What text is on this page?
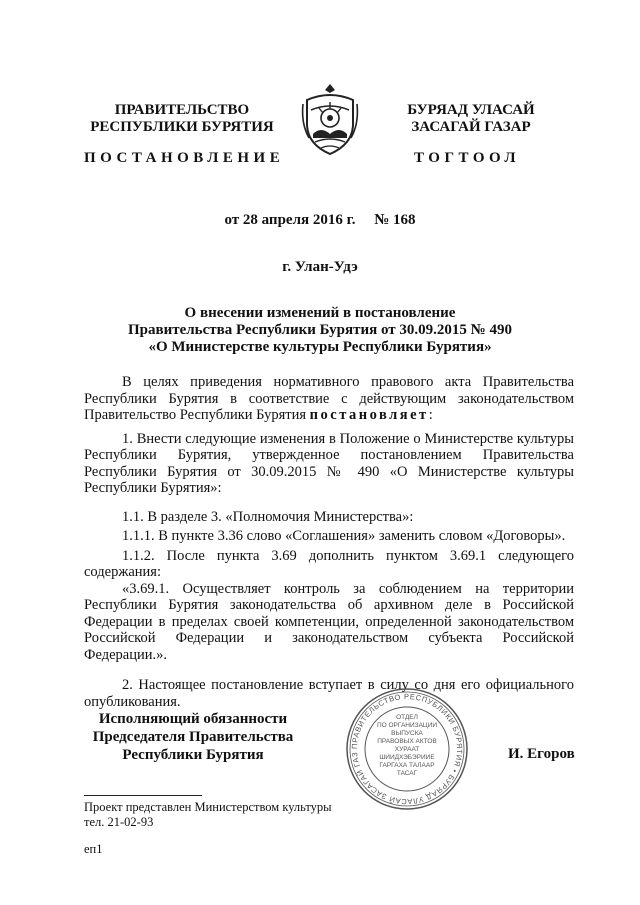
ПРАВИТЕЛЬСТВО
РЕСПУБЛИКИ БУРЯТИЯ
БУРЯАД УЛАСАЙ
ЗАСАГАЙ ГАЗАР
ПОСТАНОВЛЕНИЕ	ТОГТООЛ
от 28 апреля 2016 г.     № 168
г. Улан-Удэ
О внесении изменений в постановление
Правительства Республики Бурятия от 30.09.2015 № 490
«О Министерстве культуры Республики Бурятия»

В целях приведения нормативного правового акта Правительства Республики Бурятия в соответствие с действующим законодательством Правительство Республики Бурятия постановляет:

1. Внести следующие изменения в Положение о Министерстве культуры Республики Бурятия, утвержденное постановлением Правительства Республики Бурятия от 30.09.2015 № 490 «О Министерстве культуры Республики Бурятия»:

1.1. В разделе 3. «Полномочия Министерства»:

1.1.1. В пункте 3.36 слово «Соглашения» заменить словом «Договоры».

1.1.2. После пункта 3.69 дополнить пунктом 3.69.1 следующего содержания:

«3.69.1. Осуществляет контроль за соблюдением на территории Республики Бурятия законодательства об архивном деле в Российской Федерации в пределах своей компетенции, определенной законодательством Российской Федерации и законодательством субъекта Российской Федерации.».

2. Настоящее постановление вступает в силу со дня его официального опубликования.

Исполняющий обязанности
Председателя Правительства
Республики Бурятия
ПРАВИТЕЛЬСТВО РЕСПУБЛИКИ БУРЯТИЯ • БУРЯАД УЛАСАЙ ЗАСАГАЙ ГАЗ
ОТДЕЛ
ПО ОРГАНИЗАЦИИ
ВЫПУСКА
ПРАВОВЫХ АКТОВ
ХУРААТ
ШИИДХЭБЭРИИЕ
ГАРГАХА ТАЛААР
ТАСАГ
И. Егоров
Проект представлен Министерством культуры
тел. 21-02-93
еп1
